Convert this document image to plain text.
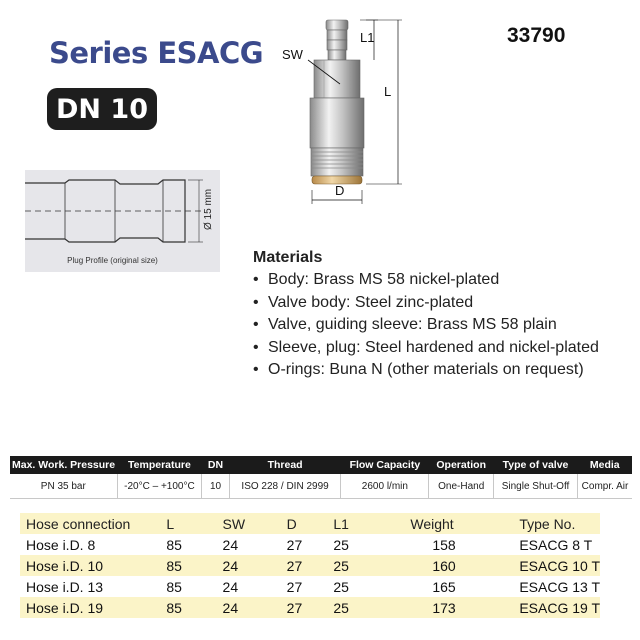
Series ESACG
DN 10
33790
Ø 15 mm
Plug Profile (original size)
SW
L1
L
D
Materials
• Body: Brass MS 58 nickel-plated
• Valve body: Steel zinc-plated
• Valve, guiding sleeve: Brass MS 58 plain
• Sleeve, plug: Steel hardened and nickel-plated
• O-rings: Buna N (other materials on request)
Max. Work. Pressure	Temperature	DN	Thread	Flow Capacity	Operation	Type of valve	Media
PN 35 bar	-20°C – +100°C	10	ISO 228 / DIN 2999	2600 l/min	One-Hand	Single Shut-Off	Compr. Air
Hose connection	L	SW	D	L1	Weight	Type No.
Hose i.D. 8	85	24	27	25	158	ESACG 8 T
Hose i.D. 10	85	24	27	25	160	ESACG 10 T
Hose i.D. 13	85	24	27	25	165	ESACG 13 T
Hose i.D. 19	85	24	27	25	173	ESACG 19 T
